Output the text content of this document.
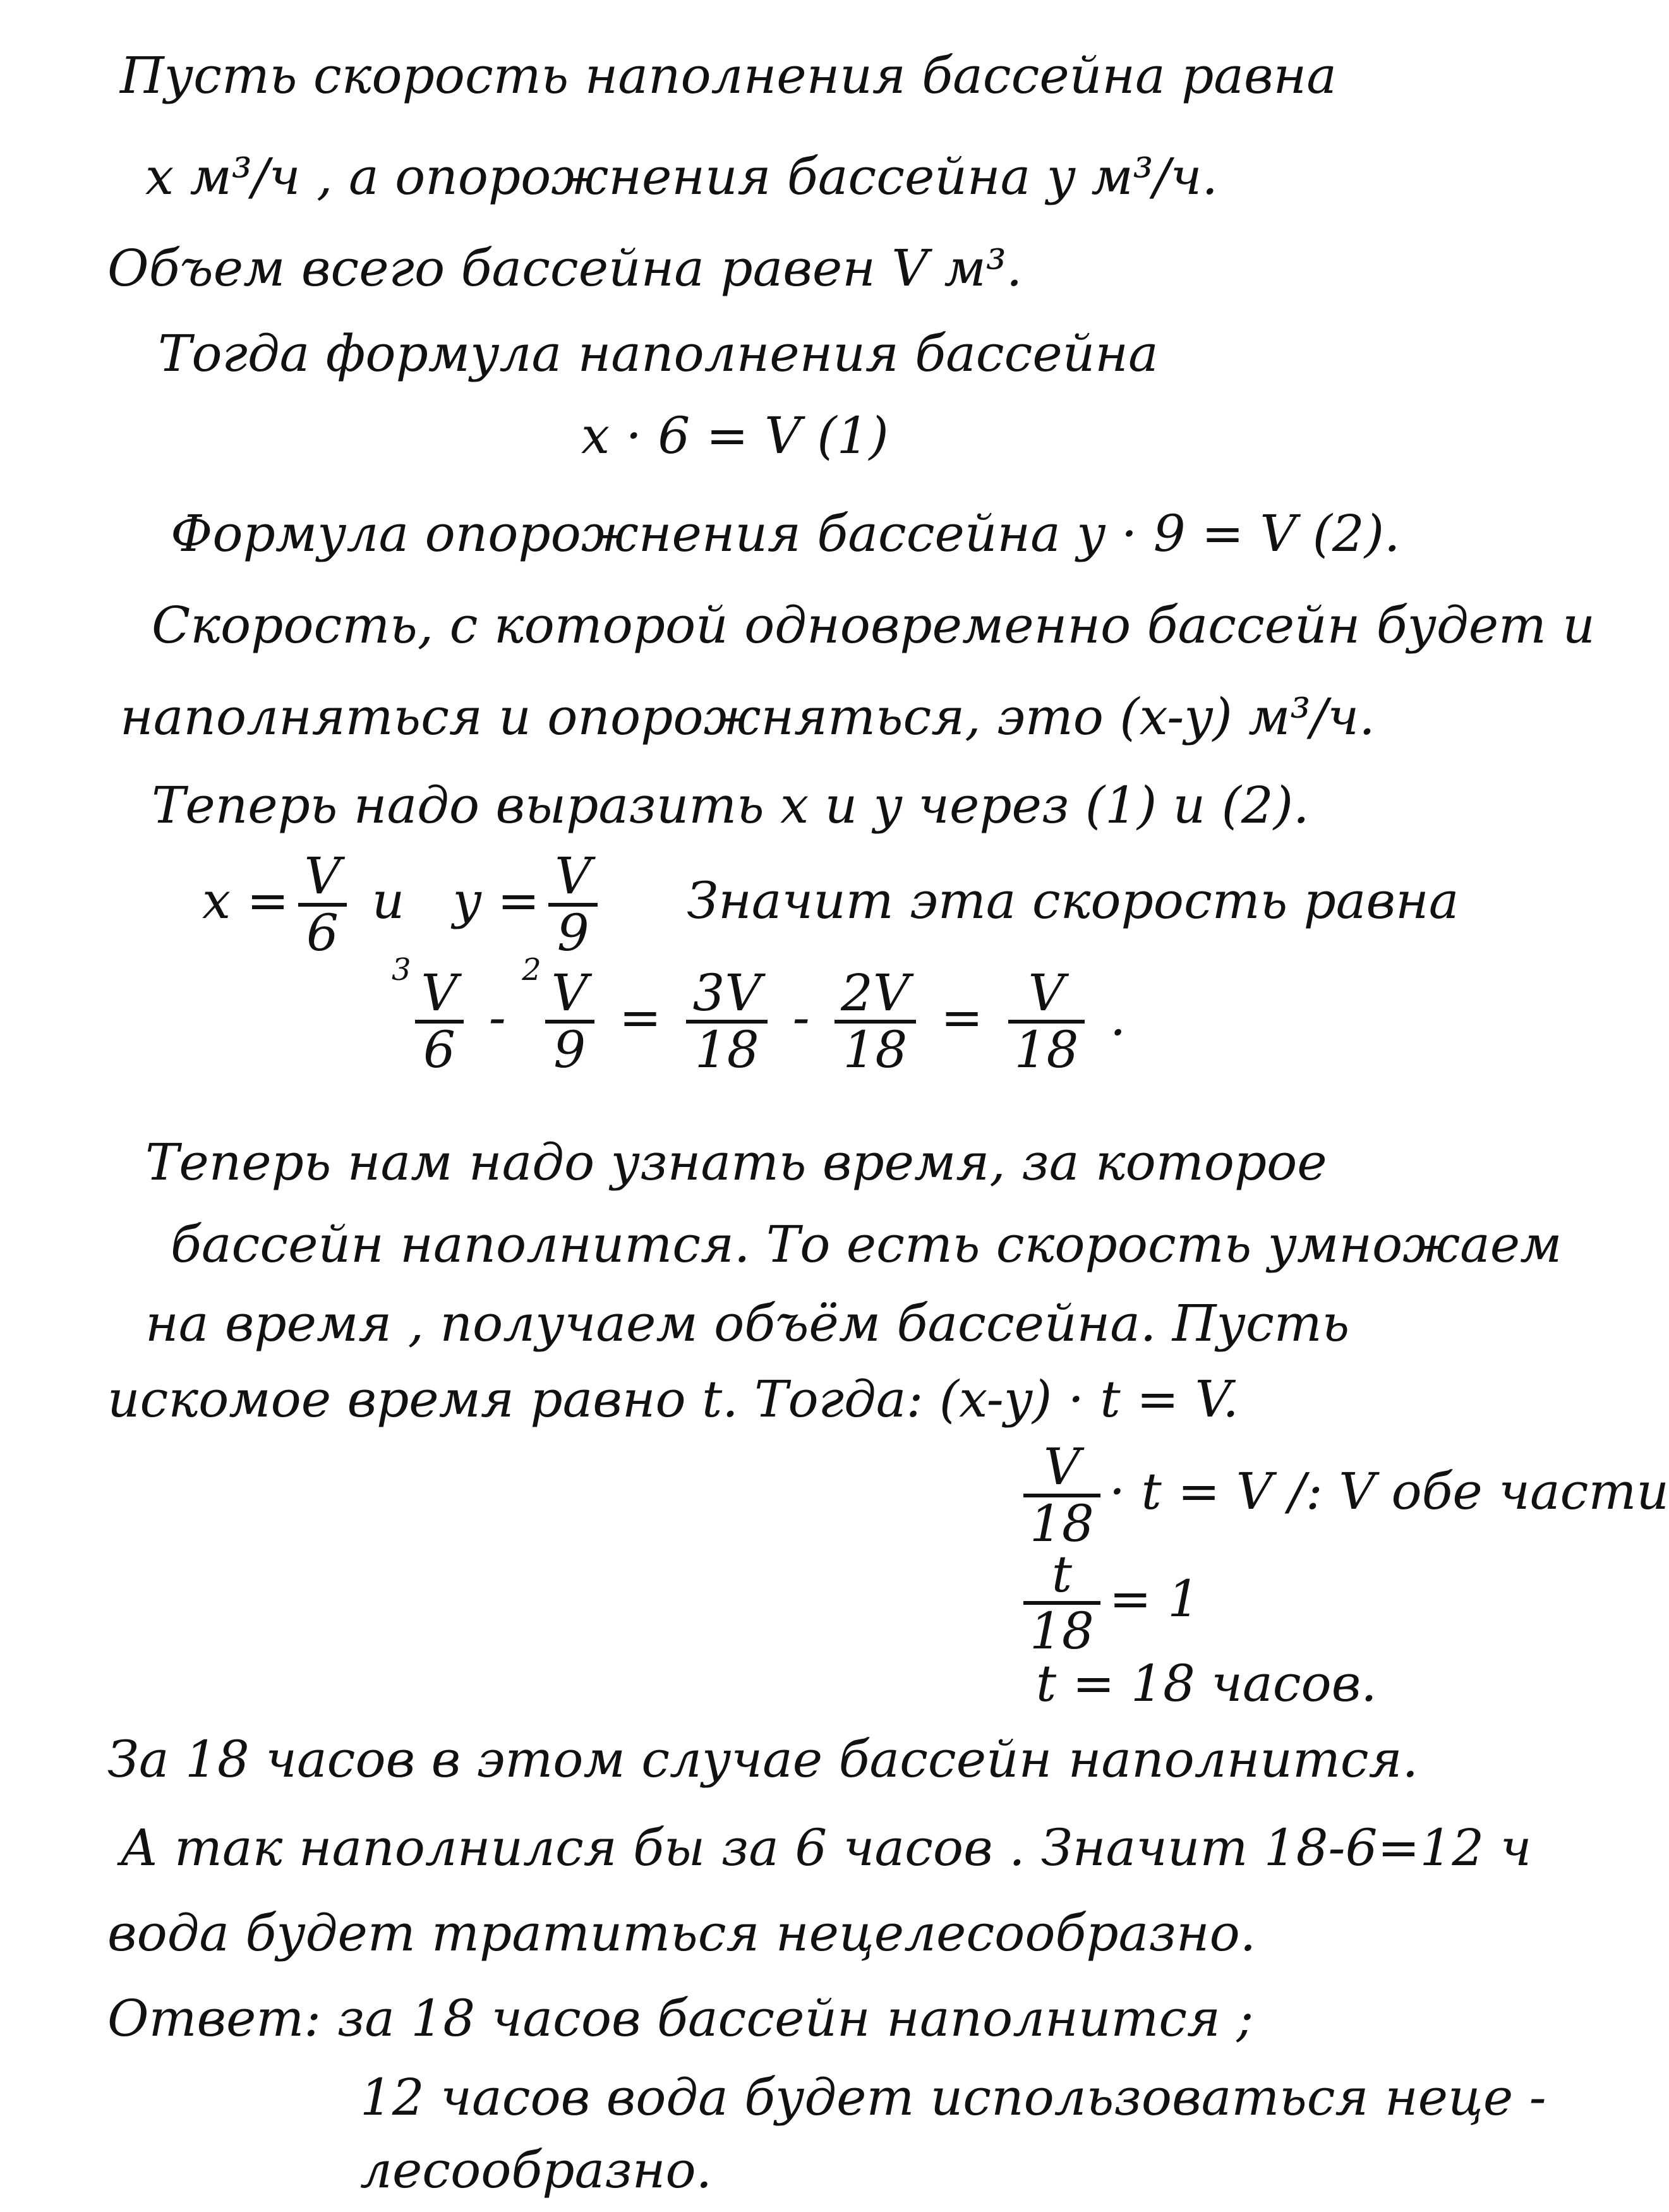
Пусть скорость наполнения бассейна равна
x м³/ч , а опорожнения бассейна y м³/ч.
Объем всего бассейна равен V м³.
Тогда формула наполнения бассейна
x · 6 = V (1)
Формула опорожнения бассейна y · 9 = V (2).
Скорость, с которой одновременно бассейн будет и
наполняться и опорожняться, это (x-y) м³/ч.
Теперь надо выразить x и y через (1) и (2).
$x = \frac{V}{6}$ и $y = \frac{V}{9}$ Значит эта скорость равна
$^3 \frac{V}{6} - ^2 \frac{V}{9} = \frac{3V}{18} - \frac{2V}{18} = \frac{V}{18}$ .
Теперь нам надо узнать время, за которое
бассейн наполнится. То есть скорость умножаем
на время , получаем объём бассейна. Пусть
искомое время равно t. Тогда: (x-y) · t = V.
$\frac{V}{18} \cdot t = V$ /: V обе части
$\frac{t}{18} = 1$
t = 18 часов.
За 18 часов в этом случае бассейн наполнится.
А так наполнился бы за 6 часов . Значит 18-6=12 ч
вода будет тратиться нецелесообразно.
Ответ: за 18 часов бассейн наполнится ;
12 часов вода будет использоваться неце -
лесообразно.
